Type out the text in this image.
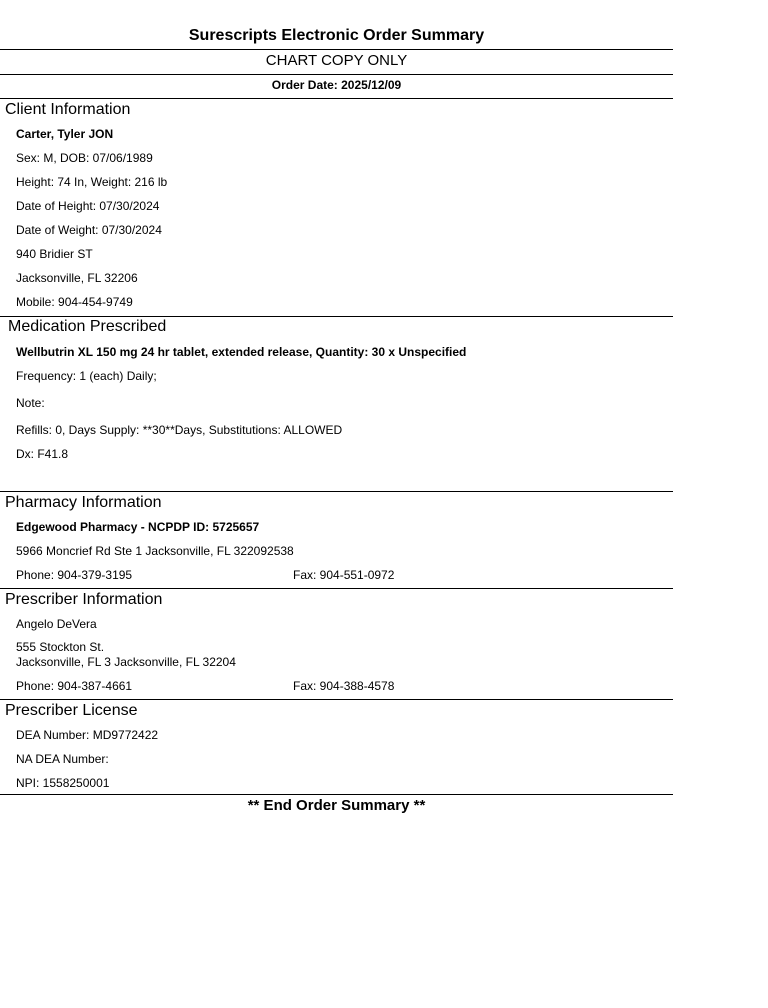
Surescripts Electronic Order Summary
CHART COPY ONLY
Order Date: 2025/12/09
Client Information
Carter, Tyler JON
Sex: M, DOB: 07/06/1989
Height: 74 In, Weight: 216 lb
Date of Height: 07/30/2024
Date of Weight: 07/30/2024
940 Bridier ST
Jacksonville, FL 32206
Mobile: 904-454-9749
Medication Prescribed
Wellbutrin XL 150 mg 24 hr tablet, extended release, Quantity: 30 x Unspecified
Frequency: 1 (each) Daily;
Note:
Refills: 0, Days Supply: **30**Days, Substitutions: ALLOWED
Dx: F41.8
Pharmacy Information
Edgewood Pharmacy - NCPDP ID: 5725657
5966 Moncrief Rd Ste 1 Jacksonville, FL 322092538
Phone: 904-379-3195	Fax: 904-551-0972
Prescriber Information
Angelo DeVera
555 Stockton St.
Jacksonville, FL 3 Jacksonville, FL 32204
Phone: 904-387-4661	Fax: 904-388-4578
Prescriber License
DEA Number: MD9772422
NA DEA Number:
NPI: 1558250001
** End Order Summary **
